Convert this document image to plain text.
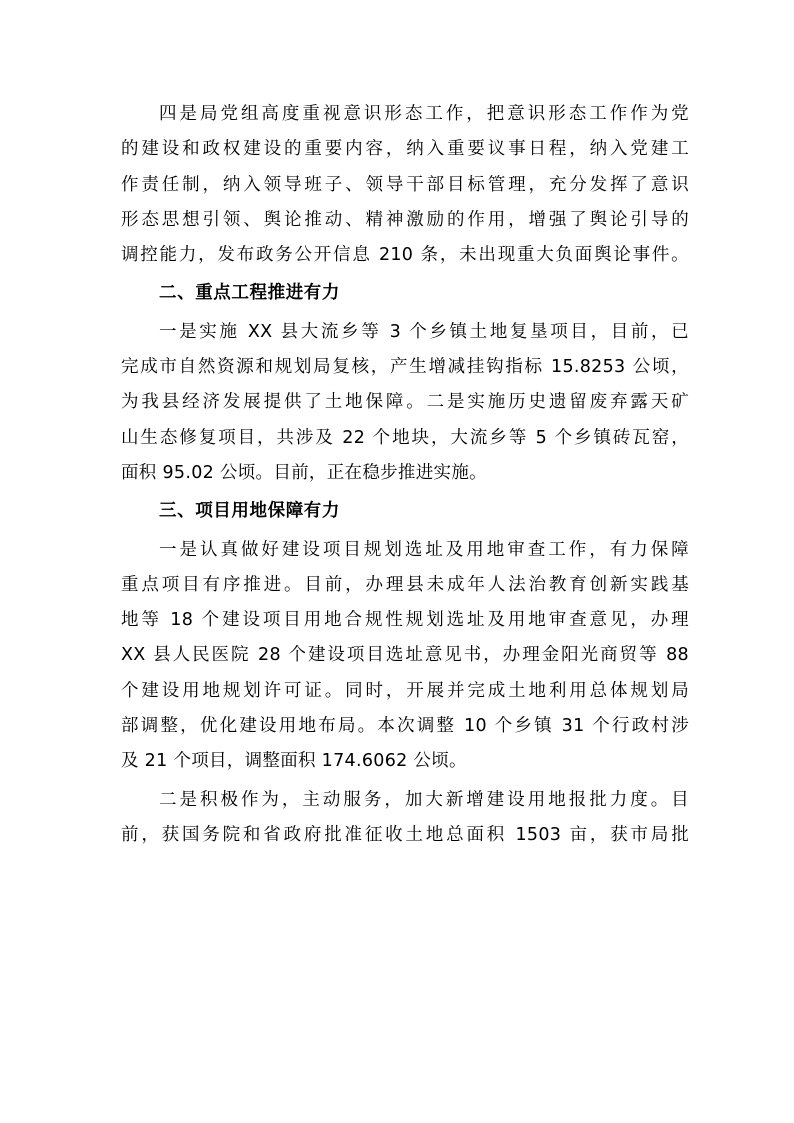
四是局党组高度重视意识形态工作，把意识形态工作作为党
的建设和政权建设的重要内容，纳入重要议事日程，纳入党建工
作责任制，纳入领导班子、领导干部目标管理，充分发挥了意识
形态思想引领、舆论推动、精神激励的作用，增强了舆论引导的
调控能力，发布政务公开信息 210 条，未出现重大负面舆论事件。
二、重点工程推进有力
一是实施 XX 县大流乡等 3 个乡镇土地复垦项目，目前，已
完成市自然资源和规划局复核，产生增减挂钩指标 15.8253 公顷，
为我县经济发展提供了土地保障。二是实施历史遗留废弃露天矿
山生态修复项目，共涉及 22 个地块，大流乡等 5 个乡镇砖瓦窑，
面积 95.02 公顷。目前，正在稳步推进实施。
三、项目用地保障有力
一是认真做好建设项目规划选址及用地审查工作，有力保障
重点项目有序推进。目前，办理县未成年人法治教育创新实践基
地等 18 个建设项目用地合规性规划选址及用地审查意见，办理
XX 县人民医院 28 个建设项目选址意见书，办理金阳光商贸等 88
个建设用地规划许可证。同时，开展并完成土地利用总体规划局
部调整，优化建设用地布局。本次调整 10 个乡镇 31 个行政村涉
及 21 个项目，调整面积 174.6062 公顷。
二是积极作为，主动服务，加大新增建设用地报批力度。目
前，获国务院和省政府批准征收土地总面积 1503 亩，获市局批
